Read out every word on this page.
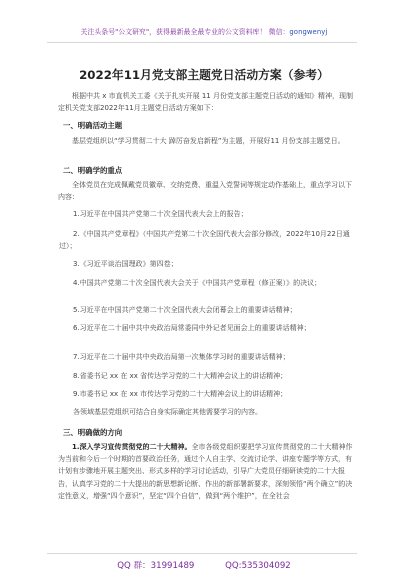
关注头条号"公文研究"，获得最新最全最专业的公文资料库！ 微信：gongwenyj
2022年11月党支部主题党日活动方案（参考）

根据中共 x 市直机关工委《关于扎实开展 11 月份党支部主题党日活动的通知》精神，现制定机关党支部2022年11月主题党日活动方案如下：

一、明确活动主题

基层党组织以“学习贯彻二十大 踔厉奋发启新程”为主题，开展好11 月份支部主题党日。

二、明确学的重点

全体党员在完成佩戴党员徽章、交纳党费、重温入党誓词等规定动作基础上，重点学习以下内容：

1.习近平在中国共产党第二十次全国代表大会上的报告；
2.《中国共产党章程》（中国共产党第二十次全国代表大会部分修改，2022年10月22日通过）；
3.《习近平谈治国理政》第四卷；
4.中国共产党第二十次全国代表大会关于《中国共产党章程（修正案）》的决议；
5.习近平在中国共产党第二十次全国代表大会闭幕会上的重要讲话精神；
6.习近平在二十届中共中央政治局常委同中外记者见面会上的重要讲话精神；
7.习近平在二十届中共中央政治局第一次集体学习时的重要讲话精神；
8.省委书记 xx 在 xx 省传达学习党的二十大精神会议上的讲话精神；
9.市委书记 xx 在 xx 市传达学习党的二十大精神会议上的讲话精神；
各领域基层党组织可结合自身实际确定其他需要学习的内容。
三、明确做的方向

1.深入学习宣传贯彻党的二十大精神。全市各级党组织要把学习宣传贯彻党的二十大精神作为当前和今后一个时期的首要政治任务，通过个人自主学、交流讨论学、讲座专题学等方式，有计划有步骤地开展主题突出、形式多样的学习讨论活动，引导广大党员仔细研读党的二十大报告，认真学习党的二十大提出的新思想新论断、作出的新部署新要求，深刻领悟“两个确立”的决定性意义，增强“四个意识”，坚定“四个自信”，做到“两个维护”，在全社会

QQ 群：31991489	QQ:535304092
